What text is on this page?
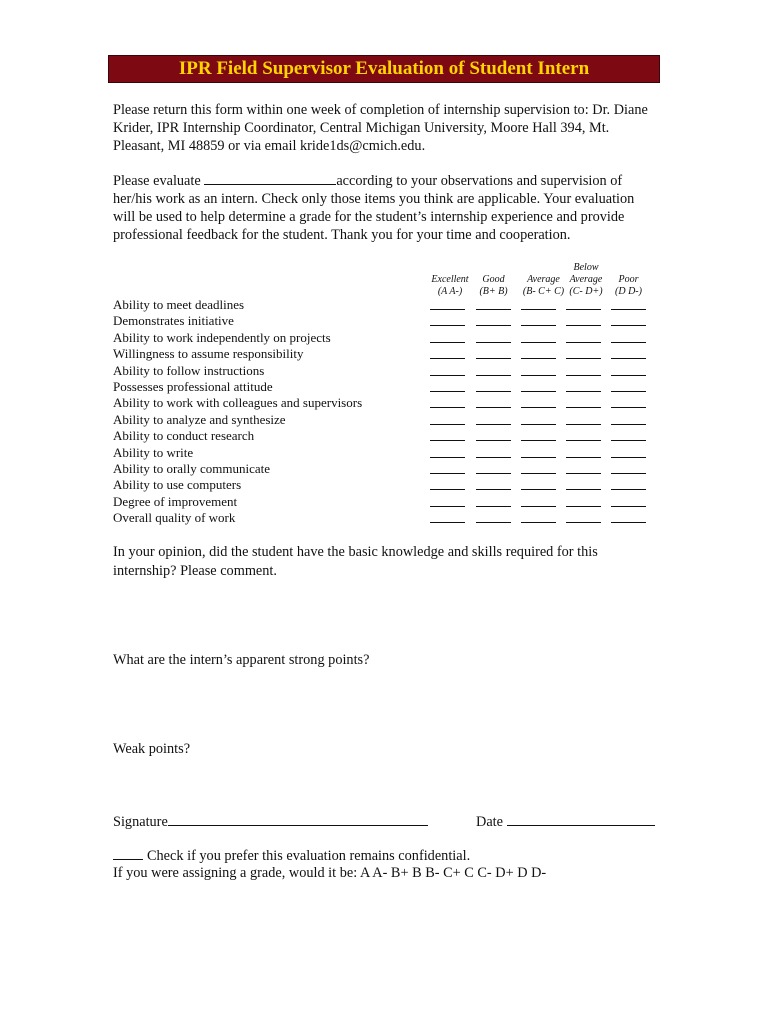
IPR Field Supervisor Evaluation of Student Intern
Please return this form within one week of completion of internship supervision to: Dr. Diane Krider, IPR Internship Coordinator, Central Michigan University, Moore Hall 394, Mt. Pleasant, MI 48859 or via email kride1ds@cmich.edu.
Please evaluate	according to your observations and supervision of her/his work as an intern. Check only those items you think are applicable. Your evaluation will be used to help determine a grade for the student’s internship experience and provide professional feedback for the student. Thank you for your time and cooperation.

Excellent
(A A-)

Good
(B+ B)

Average
(B- C+ C)
Below
Average
(C- D+)

Poor
(D D-)
Ability to meet deadlines
Demonstrates initiative
Ability to work independently on projects
Willingness to assume responsibility
Ability to follow instructions
Possesses professional attitude
Ability to work with colleagues and supervisors
Ability to analyze and synthesize
Ability to conduct research
Ability to write
Ability to orally communicate
Ability to use computers
Degree of improvement
Overall quality of work
In your opinion, did the student have the basic knowledge and skills required for this internship? Please comment.
What are the intern’s apparent strong points?
Weak points?
Signature	Date
Check if you prefer this evaluation remains confidential.
If you were assigning a grade, would it be: A A- B+ B B- C+ C C- D+ D D-
